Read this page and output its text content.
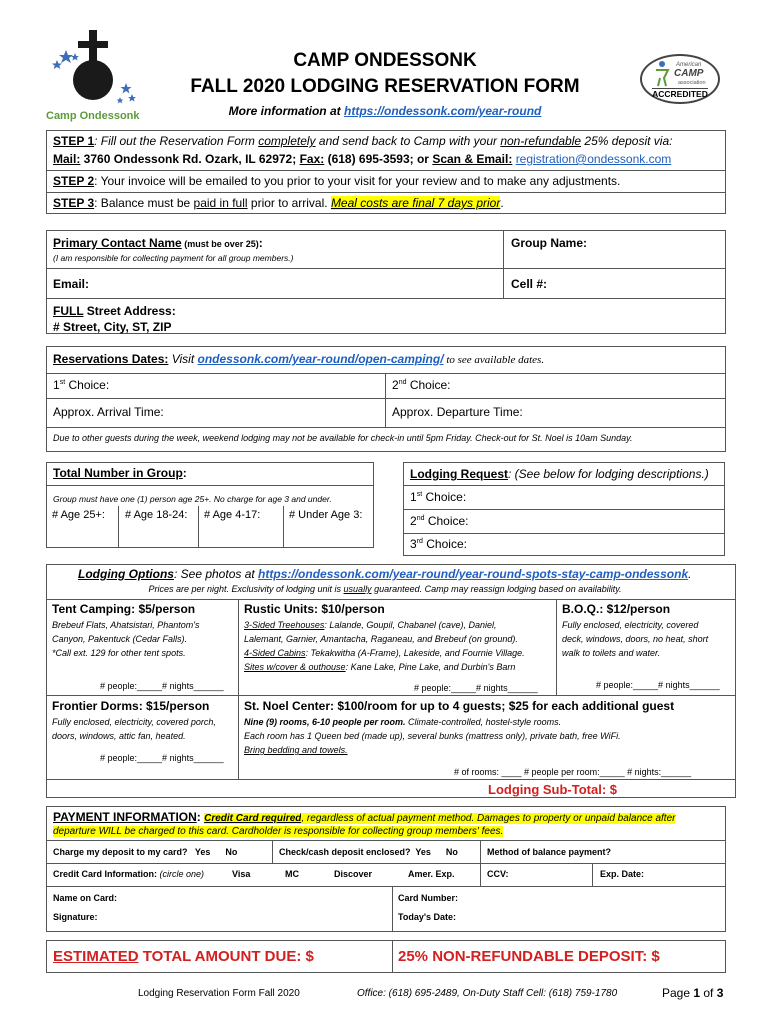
Camp Ondessonk
CAMP ONDESSONK
FALL 2020 LODGING RESERVATION FORM
More information at https://ondessonk.com/year-round
American
CAMP
association
ACCREDITED
STEP 1: Fill out the Reservation Form completely and send back to Camp with your non-refundable 25% deposit via:
Mail: 3760 Ondessonk Rd. Ozark, IL 62972; Fax: (618) 695-3593; or Scan & Email: registration@ondessonk.com
STEP 2: Your invoice will be emailed to you prior to your visit for your review and to make any adjustments.
STEP 3: Balance must be paid in full prior to arrival. Meal costs are final 7 days prior.
Primary Contact Name (must be over 25):
(I am responsible for collecting payment for all group members.)
Group Name:
Email:	Cell #:
FULL Street Address:
# Street, City, ST, ZIP
Reservations Dates: Visit ondessonk.com/year-round/open-camping/ to see available dates.
1st Choice:	2nd Choice:
Approx. Arrival Time:	Approx. Departure Time:
Due to other guests during the week, weekend lodging may not be available for check-in until 5pm Friday. Check-out for St. Noel is 10am Sunday.
Total Number in Group:
Group must have one (1) person age 25+. No charge for age 3 and under.
# Age 25+: # Age 18-24: # Age 4-17:	# Under Age 3:
Lodging Request: (See below for lodging descriptions.)
1st Choice:
2nd Choice:
3rd Choice:
Lodging Options: See photos at https://ondessonk.com/year-round/year-round-spots-stay-camp-ondessonk.
Prices are per night. Exclusivity of lodging unit is usually guaranteed. Camp may reassign lodging based on availability.
Tent Camping: $5/person
Brebeuf Flats, Ahatsistari, Phantom's
Canyon, Pakentuck (Cedar Falls).
*Call ext. 129 for other tent spots.
# people:_____# nights______
Rustic Units: $10/person
3-Sided Treehouses: Lalande, Goupil, Chabanel (cave), Daniel,
Lalemant, Garnier, Amantacha, Raganeau, and Brebeuf (on ground).
4-Sided Cabins: Tekakwitha (A-Frame), Lakeside, and Fournie Village.
Sites w/cover & outhouse: Kane Lake, Pine Lake, and Durbin's Barn
# people:_____# nights______
B.O.Q.: $12/person
Fully enclosed, electricity, covered
deck, windows, doors, no heat, short
walk to toilets and water.
# people:_____# nights______
Frontier Dorms: $15/person
Fully enclosed, electricity, covered porch,
doors, windows, attic fan, heated.
# people:_____# nights______
St. Noel Center: $100/room for up to 4 guests; $25 for each additional guest
Nine (9) rooms, 6-10 people per room. Climate-controlled, hostel-style rooms.
Each room has 1 Queen bed (made up), several bunks (mattress only), private bath, free WiFi.
Bring bedding and towels.
# of rooms: ____ # people per room:_____ # nights:______
Lodging Sub-Total: $
PAYMENT INFORMATION: Credit Card required, regardless of actual payment method. Damages to property or unpaid balance after
departure WILL be charged to this card. Cardholder is responsible for collecting group members' fees.
Charge my deposit to my card?   Yes      No	Check/cash deposit enclosed?  Yes      No	Method of balance payment?
Credit Card Information: (circle one)	Visa	MC	Discover	Amer. Exp.	CCV:	Exp. Date:
Name on Card:	Card Number:
Signature:	Today's Date:
ESTIMATED TOTAL AMOUNT DUE: $	25% NON-REFUNDABLE DEPOSIT: $
Lodging Reservation Form Fall 2020	Office: (618) 695-2489, On-Duty Staff Cell: (618) 759-1780	Page 1 of 3
